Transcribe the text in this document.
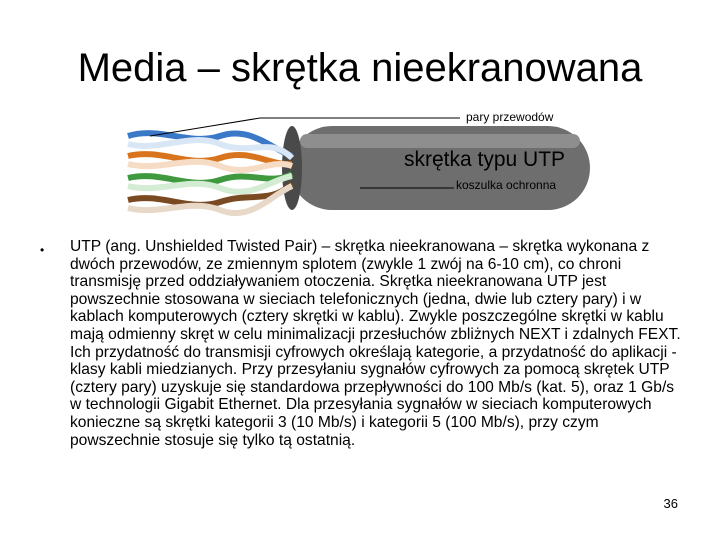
Media – skrętka nieekranowana
pary przewodów
skrętka typu UTP
koszulka ochronna
• UTP (ang. Unshielded Twisted Pair) – skrętka nieekranowana – skrętka wykonana z dwóch przewodów, ze zmiennym splotem (zwykle 1 zwój na 6-10 cm), co chroni transmisję przed oddziaływaniem otoczenia. Skrętka nieekranowana UTP jest powszechnie stosowana w sieciach telefonicznych (jedna, dwie lub cztery pary) i w kablach komputerowych (cztery skrętki w kablu). Zwykle poszczególne skrętki w kablu mają odmienny skręt w celu minimalizacji przesłuchów zbliżnych NEXT i zdalnych FEXT. Ich przydatność do transmisji cyfrowych określają kategorie, a przydatność do aplikacji - klasy kabli miedzianych. Przy przesyłaniu sygnałów cyfrowych za pomocą skrętek UTP (cztery pary) uzyskuje się standardowa przepływności do 100 Mb/s (kat. 5), oraz 1 Gb/s w technologii Gigabit Ethernet. Dla przesyłania sygnałów w sieciach komputerowych konieczne są skrętki kategorii 3 (10 Mb/s) i kategorii 5 (100 Mb/s), przy czym powszechnie stosuje się tylko tą ostatnią.
36
